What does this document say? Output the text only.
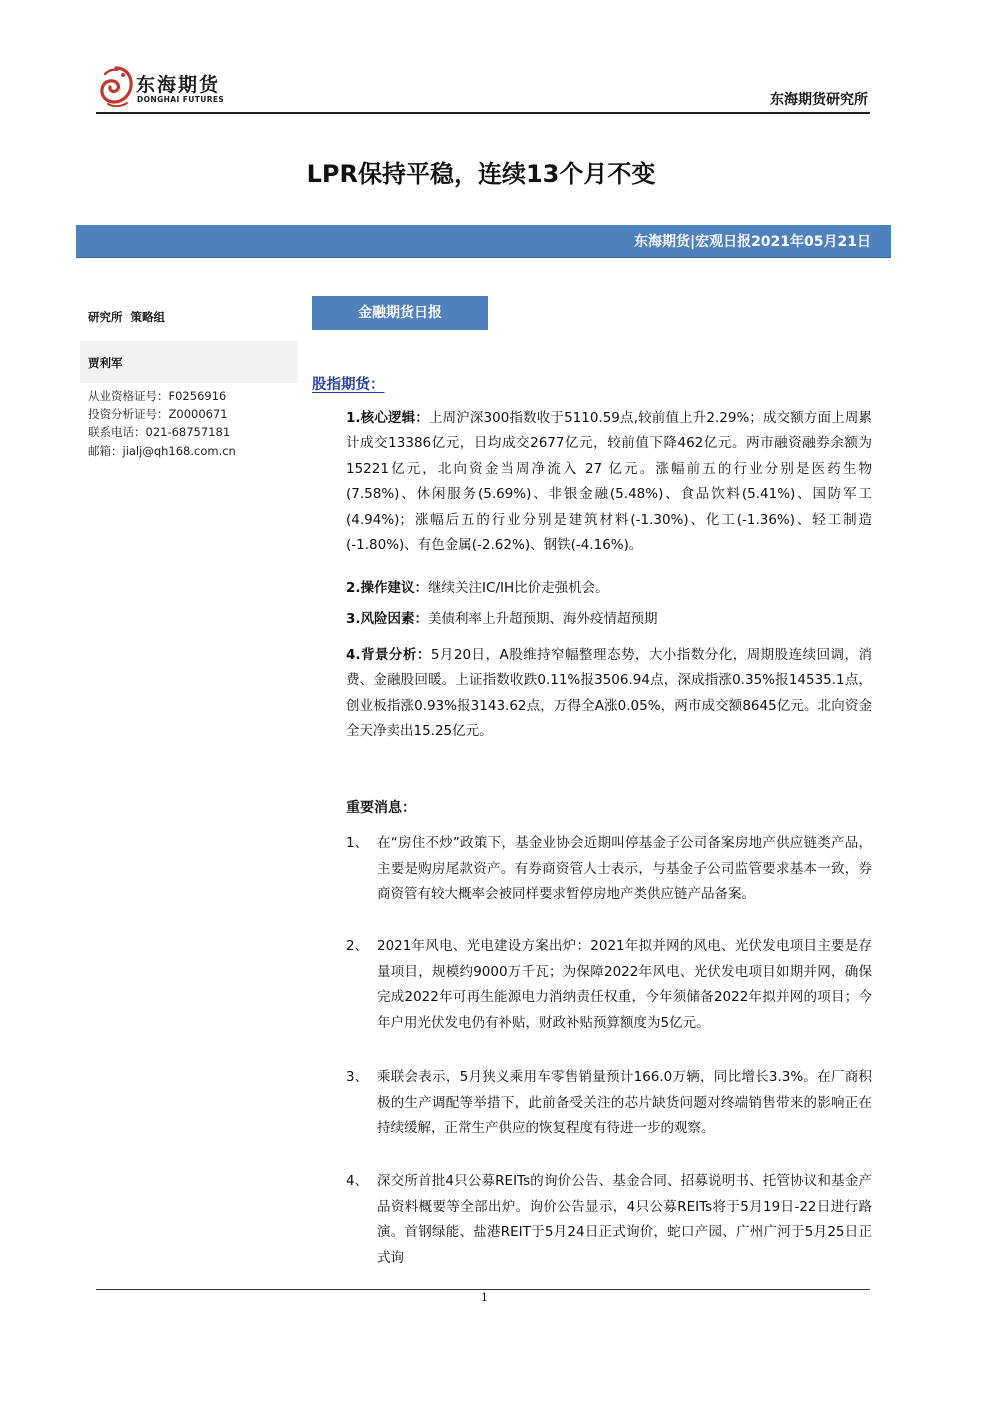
东海期货
DONGHAI FUTURES	东海期货研究所
LPR保持平稳，连续13个月不变
东海期货|宏观日报2021年05月21日
研究所  策略组
贾利军
从业资格证号：F0256916
投资分析证号：Z0000671
联系电话：021-68757181
邮箱：jialj@qh168.com.cn
金融期货日报
股指期货：
1.核心逻辑：上周沪深300指数收于5110.59点,较前值上升2.29%；成交额方面上周累计成交13386亿元，日均成交2677亿元，较前值下降462亿元。两市融资融券余额为15221亿元，北向资金当周净流入 27 亿元。涨幅前五的行业分别是医药生物(7.58%)、休闲服务(5.69%)、非银金融(5.48%)、食品饮料(5.41%)、国防军工(4.94%)；涨幅后五的行业分别是建筑材料(-1.30%)、化工(-1.36%)、轻工制造(-1.80%)、有色金属(-2.62%)、钢铁(-4.16%)。
2.操作建议：继续关注IC/IH比价走强机会。
3.风险因素：美债利率上升超预期、海外疫情超预期
4.背景分析：5月20日，A股维持窄幅整理态势，大小指数分化，周期股连续回调，消费、金融股回暖。上证指数收跌0.11%报3506.94点，深成指涨0.35%报14535.1点，创业板指涨0.93%报3143.62点，万得全A涨0.05%，两市成交额8645亿元。北向资金全天净卖出15.25亿元。
重要消息：
1、 在“房住不炒”政策下，基金业协会近期叫停基金子公司备案房地产供应链类产品，主要是购房尾款资产。有券商资管人士表示，与基金子公司监管要求基本一致，券商资管有较大概率会被同样要求暂停房地产类供应链产品备案。
2、 2021年风电、光电建设方案出炉：2021年拟并网的风电、光伏发电项目主要是存量项目，规模约9000万千瓦；为保障2022年风电、光伏发电项目如期并网，确保完成2022年可再生能源电力消纳责任权重，今年须储备2022年拟并网的项目；今年户用光伏发电仍有补贴，财政补贴预算额度为5亿元。
3、 乘联会表示，5月狭义乘用车零售销量预计166.0万辆，同比增长3.3%。在厂商积极的生产调配等举措下，此前备受关注的芯片缺货问题对终端销售带来的影响正在持续缓解，正常生产供应的恢复程度有待进一步的观察。
4、 深交所首批4只公募REITs的询价公告、基金合同、招募说明书、托管协议和基金产品资料概要等全部出炉。询价公告显示，4只公募REITs将于5月19日-22日进行路演。首钢绿能、盐港REIT于5月24日正式询价，蛇口产园、广州广河于5月25日正式询
1
